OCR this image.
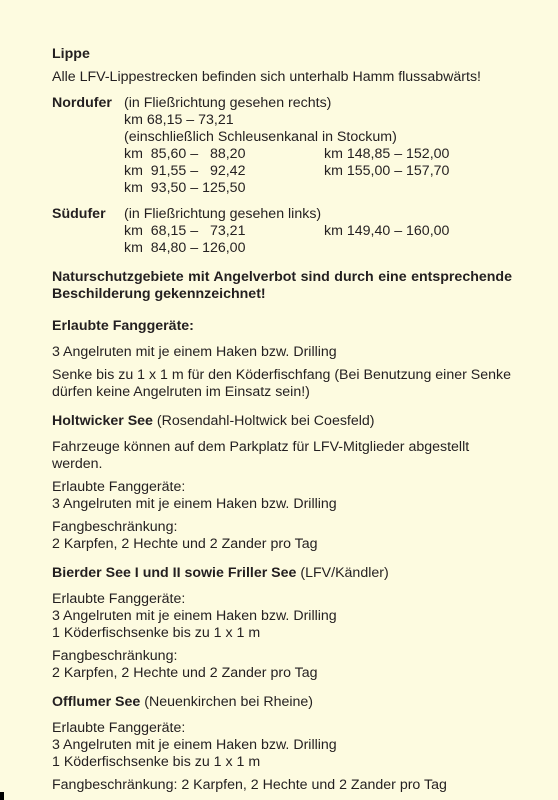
Lippe

Alle LFV-Lippestrecken befinden sich unterhalb Hamm flussabwärts!

Nordufer (in Fließrichtung gesehen rechts)

km 68,15 – 73,21

(einschließlich Schleusenkanal in Stockum)

km  85,60 –   88,20	km 148,85 – 152,00
km  91,55 –   92,42	km 155,00 – 157,70
km  93,50 – 125,50
Südufer	(in Fließrichtung gesehen links)

km  68,15 –   73,21	km 149,40 – 160,00
km  84,80 – 126,00

Naturschutzgebiete mit Angelverbot sind durch eine entsprechende Beschilderung gekennzeichnet!

Erlaubte Fanggeräte:

3 Angelruten mit je einem Haken bzw. Drilling

Senke bis zu 1 x 1 m für den Köderfischfang (Bei Benutzung einer Senke dürfen keine Angelruten im Einsatz sein!)

Holtwicker See (Rosendahl-Holtwick bei Coesfeld)

Fahrzeuge können auf dem Parkplatz für LFV-Mitglieder abgestellt werden.

Erlaubte Fanggeräte:

3 Angelruten mit je einem Haken bzw. Drilling

Fangbeschränkung:

2 Karpfen, 2 Hechte und 2 Zander pro Tag

Bierder See I und II sowie Friller See (LFV/Kändler)

Erlaubte Fanggeräte:

3 Angelruten mit je einem Haken bzw. Drilling

1 Köderfischsenke bis zu 1 x 1 m

Fangbeschränkung:

2 Karpfen, 2 Hechte und 2 Zander pro Tag

Offlumer See (Neuenkirchen bei Rheine)

Erlaubte Fanggeräte:

3 Angelruten mit je einem Haken bzw. Drilling

1 Köderfischsenke bis zu 1 x 1 m

Fangbeschränkung: 2 Karpfen, 2 Hechte und 2 Zander pro Tag
